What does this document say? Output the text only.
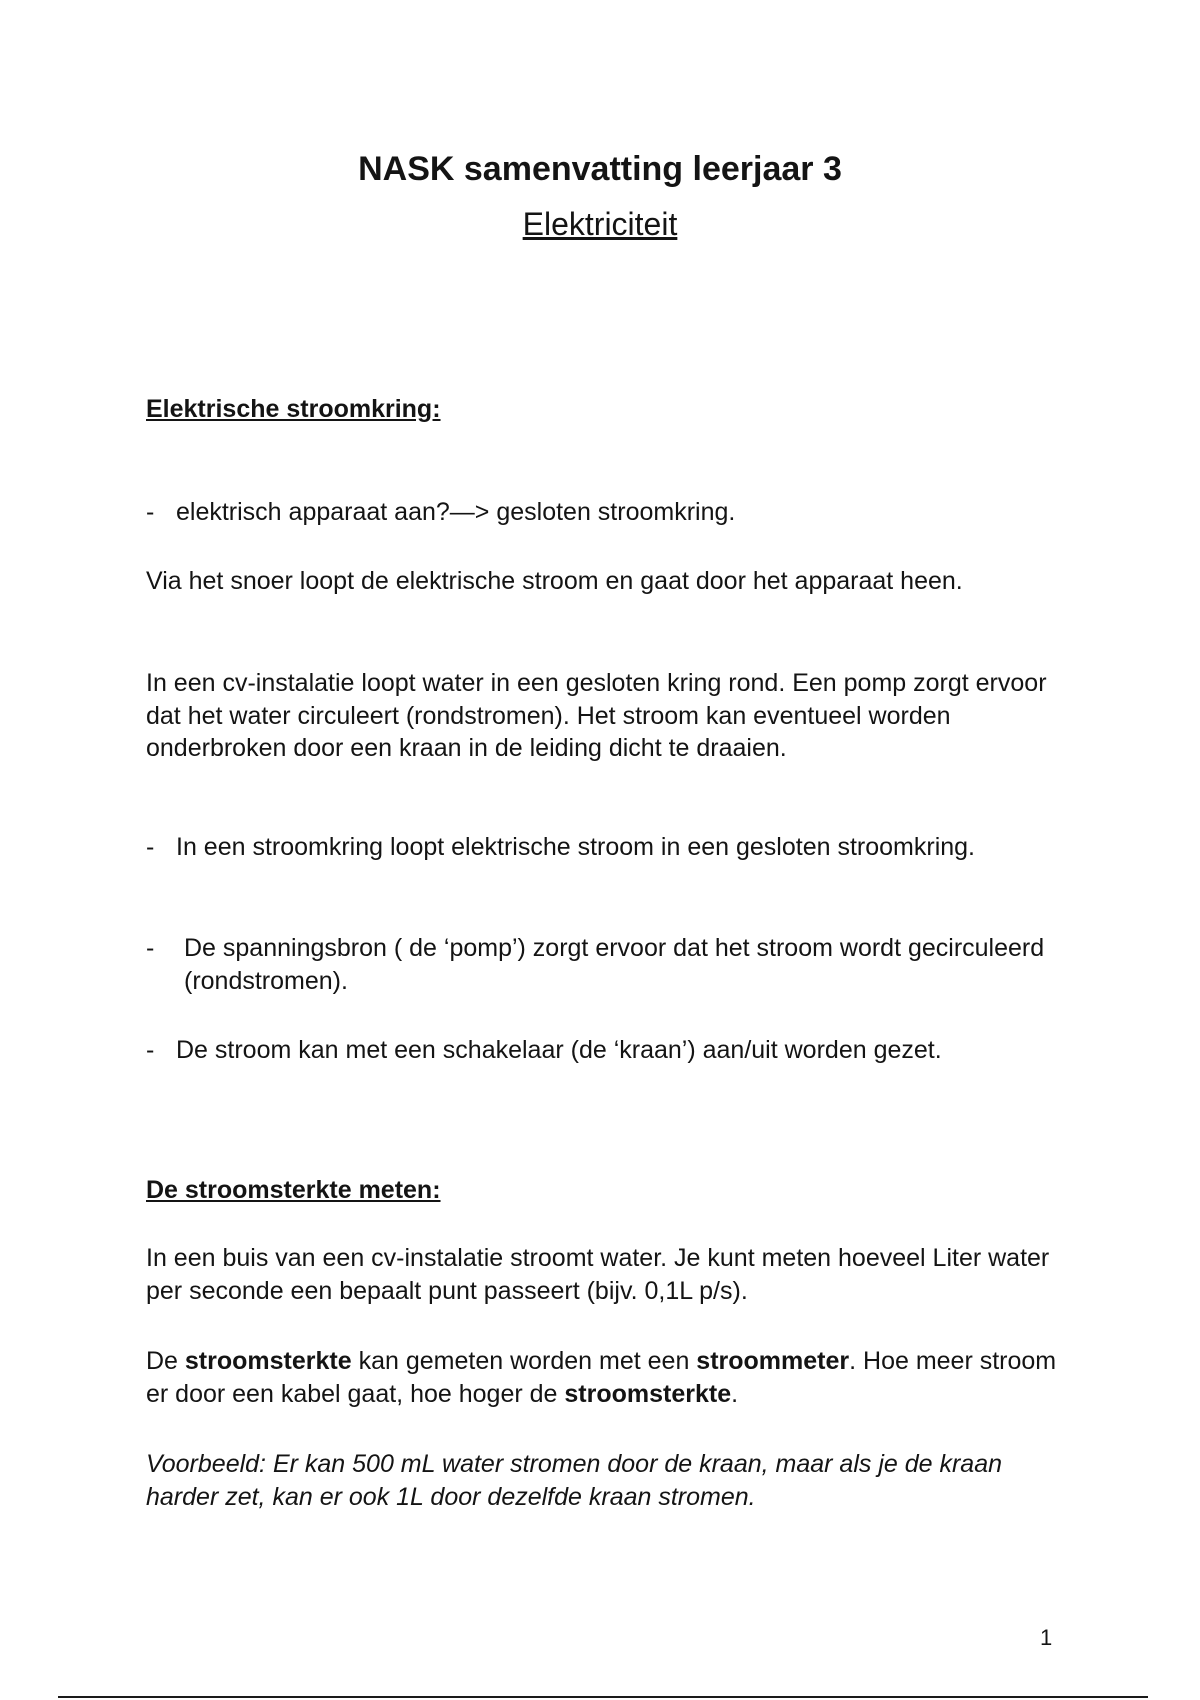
NASK samenvatting leerjaar 3
Elektriciteit
Elektrische stroomkring:
- elektrisch apparaat aan?—> gesloten stroomkring.

Via het snoer loopt de elektrische stroom en gaat door het apparaat heen.

In een cv-instalatie loopt water in een gesloten kring rond. Een pomp zorgt ervoor dat het water circuleert (rondstromen). Het stroom kan eventueel worden onderbroken door een kraan in de leiding dicht te draaien.

- In een stroomkring loopt elektrische stroom in een gesloten stroomkring.
- De spanningsbron ( de ‘pomp’) zorgt ervoor dat het stroom wordt gecirculeerd (rondstromen).
- De stroom kan met een schakelaar (de ‘kraan’) aan/uit worden gezet.
De stroomsterkte meten:

In een buis van een cv-instalatie stroomt water. Je kunt meten hoeveel Liter water per seconde een bepaalt punt passeert (bijv. 0,1L p/s).

De stroomsterkte kan gemeten worden met een stroommeter. Hoe meer stroom er door een kabel gaat, hoe hoger de stroomsterkte.

Voorbeeld: Er kan 500 mL water stromen door de kraan, maar als je de kraan harder zet, kan er ook 1L door dezelfde kraan stromen.

1
